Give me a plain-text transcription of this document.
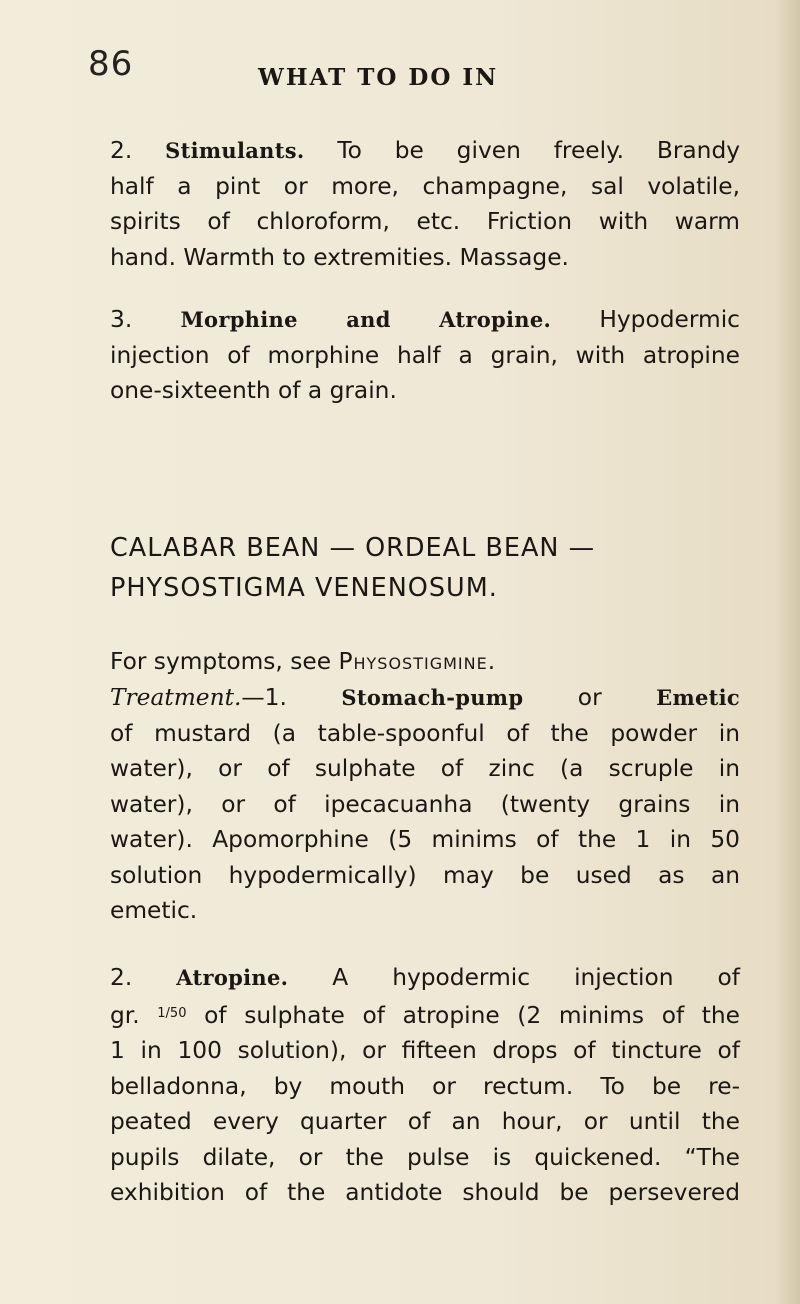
86	WHAT TO DO IN

2. Stimulants. To be given freely. Brandy
half a pint or more, champagne, sal volatile,
spirits of chloroform, etc. Friction with warm
hand. Warmth to extremities. Massage.

3. Morphine and Atropine. Hypodermic
injection of morphine half a grain, with atropine
one-sixteenth of a grain.

CALABAR BEAN — ORDEAL BEAN —
PHYSOSTIGMA VENENOSUM.

For symptoms, see Physostigmine.

Treatment.—1.	Stomach-pump or Emetic
of mustard (a table-spoonful of the powder in
water), or of sulphate of zinc (a scruple in
water), or of ipecacuanha (twenty grains in
water). Apomorphine (5 minims of the 1 in 50
solution hypodermically) may be used as an
emetic.

2. Atropine. A hypodermic injection of
gr. $^{1/50}$ of sulphate of atropine (2 minims of the
1 in 100 solution), or fifteen drops of tincture of
belladonna, by mouth or rectum. To be re-
peated every quarter of an hour, or until the
pupils dilate, or the pulse is quickened. “The
exhibition of the antidote should be persevered
